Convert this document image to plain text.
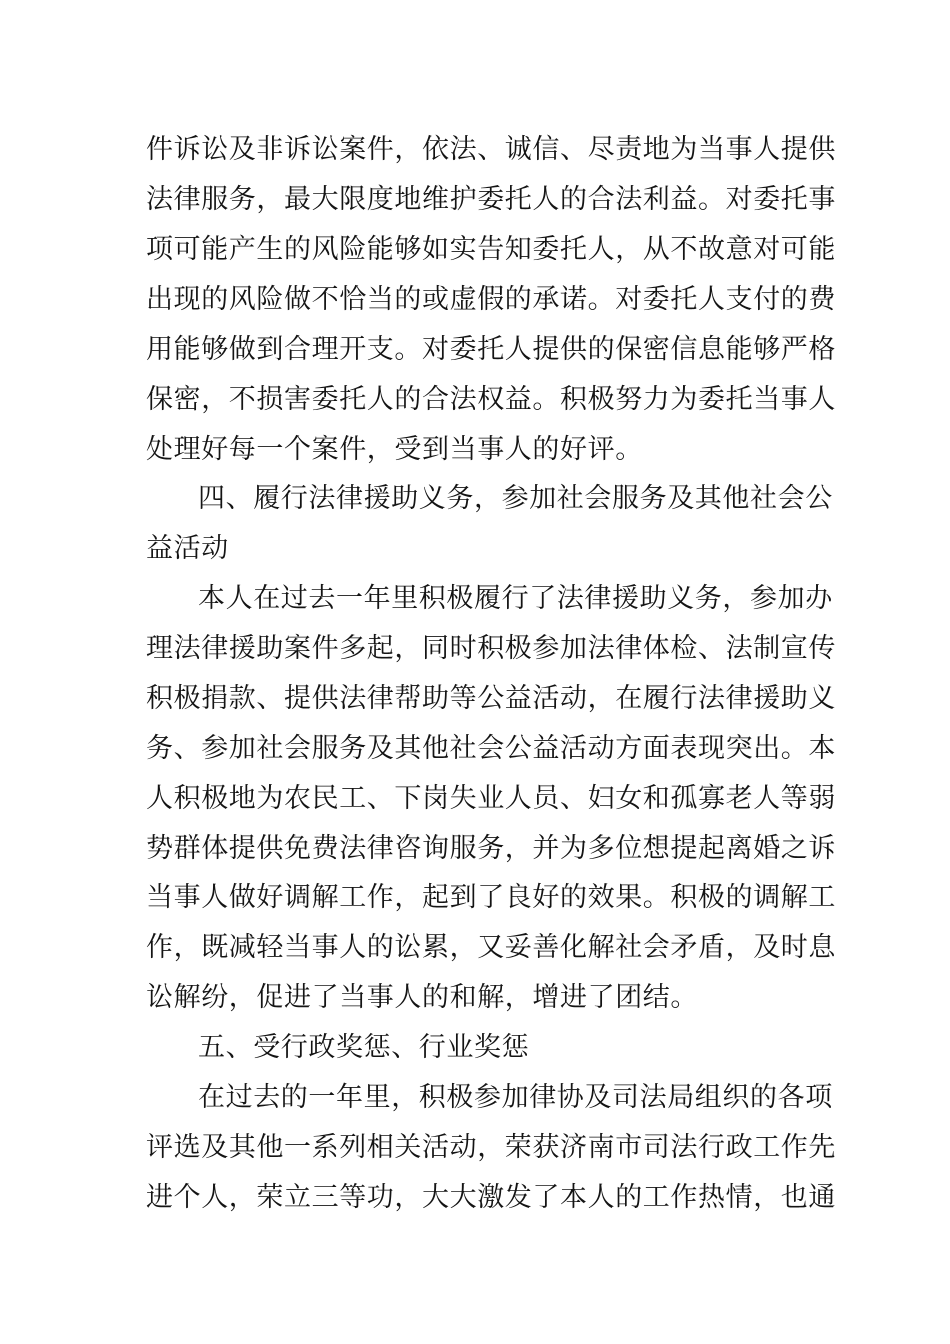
件诉讼及非诉讼案件，依法、诚信、尽责地为当事人提供
法律服务，最大限度地维护委托人的合法利益。对委托事
项可能产生的风险能够如实告知委托人，从不故意对可能
出现的风险做不恰当的或虚假的承诺。对委托人支付的费
用能够做到合理开支。对委托人提供的保密信息能够严格
保密，不损害委托人的合法权益。积极努力为委托当事人
处理好每一个案件，受到当事人的好评。
四、履行法律援助义务，参加社会服务及其他社会公
益活动
本人在过去一年里积极履行了法律援助义务，参加办
理法律援助案件多起，同时积极参加法律体检、法制宣传
积极捐款、提供法律帮助等公益活动，在履行法律援助义
务、参加社会服务及其他社会公益活动方面表现突出。本
人积极地为农民工、下岗失业人员、妇女和孤寡老人等弱
势群体提供免费法律咨询服务，并为多位想提起离婚之诉
当事人做好调解工作，起到了良好的效果。积极的调解工
作，既减轻当事人的讼累，又妥善化解社会矛盾，及时息
讼解纷，促进了当事人的和解，增进了团结。
五、受行政奖惩、行业奖惩
在过去的一年里，积极参加律协及司法局组织的各项
评选及其他一系列相关活动，荣获济南市司法行政工作先
进个人，荣立三等功，大大激发了本人的工作热情，也通
